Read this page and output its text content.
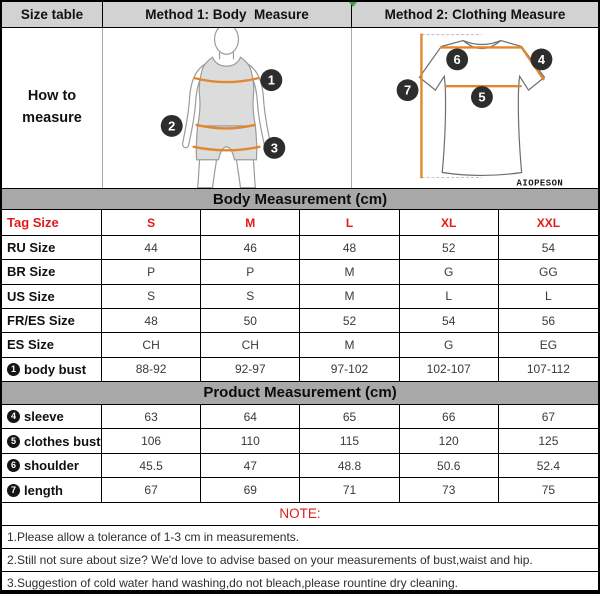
Size table	Method 1: Body  Measure	Method 2: Clothing Measure
How to
measure
1
2
3
6	4
5
7
AIOPESON
Body Measurement (cm)
Tag Size	S	M	L	XL	XXL
RU Size	44	46	48	52	54
BR Size	P	P	M	G	GG
US Size	S	S	M	L	L
FR/ES Size	48	50	52	54	56
ES Size	CH	CH	M	G	EG
1 body bust	88-92	92-97	97-102	102-107	107-112
Product Measurement (cm)
4 sleeve	63	64	65	66	67
5 clothes bust	106	110	115	120	125
6 shoulder	45.5	47	48.8	50.6	52.4
7 length	67	69	71	73	75
NOTE:
1.Please allow a tolerance of 1-3 cm in measurements.
2.Still not sure about size? We'd love to advise based on your measurements of bust,waist and hip.
3.Suggestion of cold water hand washing,do not bleach,please rountine dry cleaning.
